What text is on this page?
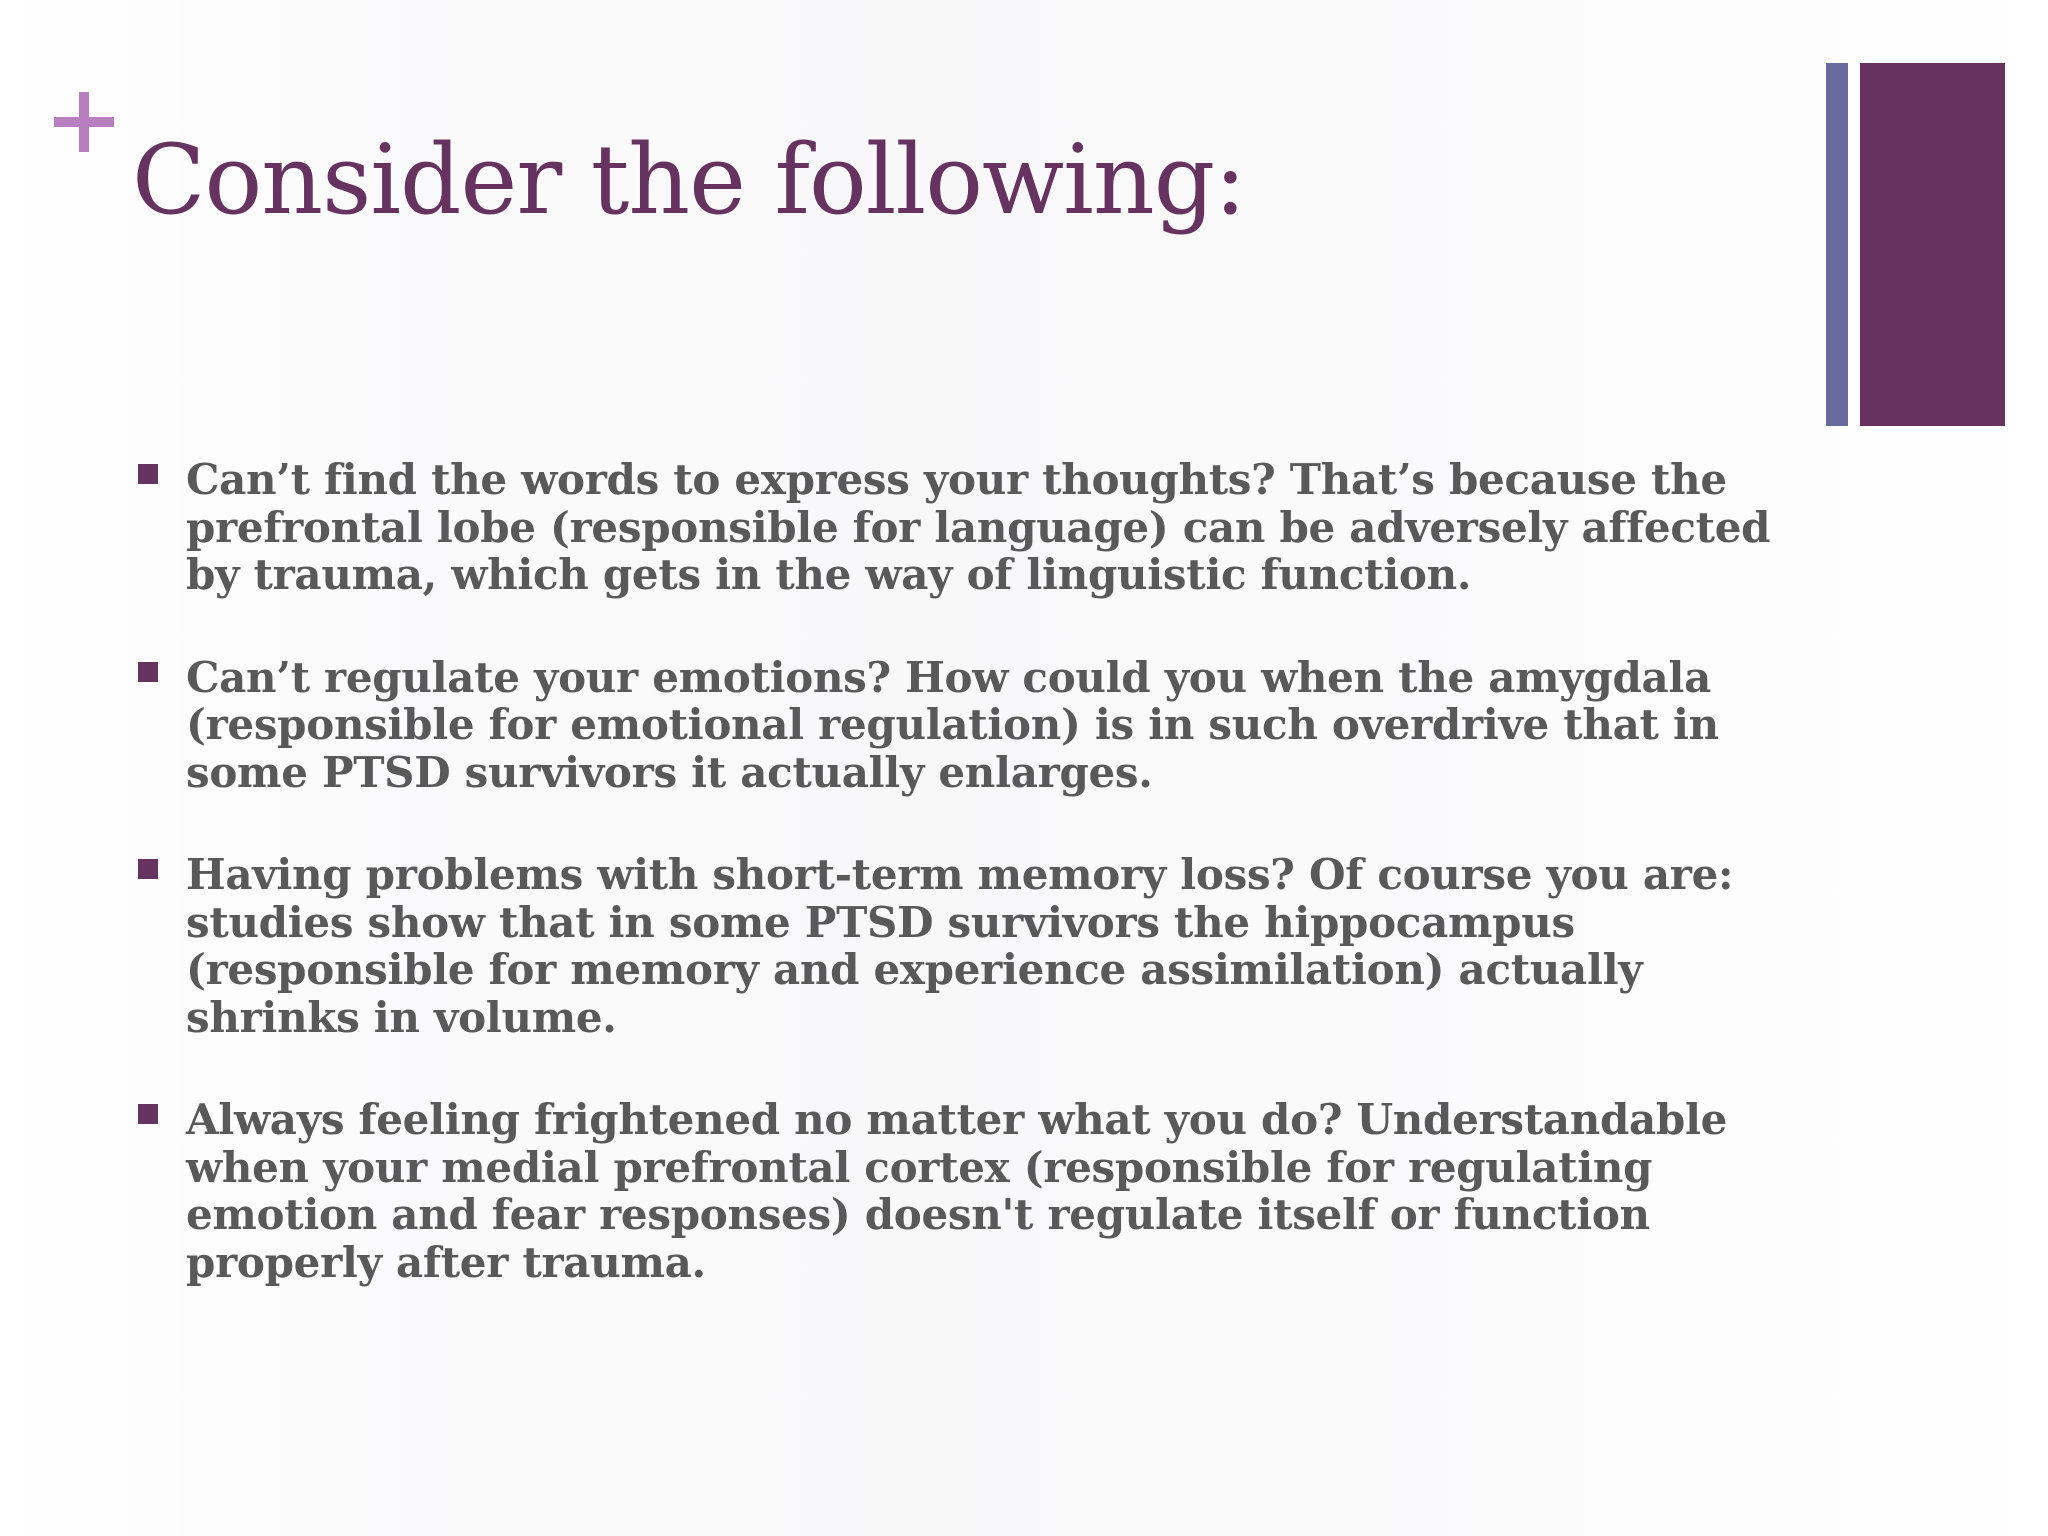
Consider the following:
Can’t find the words to express your thoughts? That’s because the prefrontal lobe (responsible for language) can be adversely affected by trauma, which gets in the way of linguistic function.
Can’t regulate your emotions? How could you when the amygdala (responsible for emotional regulation) is in such overdrive that in some PTSD survivors it actually enlarges.
Having problems with short-term memory loss? Of course you are: studies show that in some PTSD survivors the hippocampus (responsible for memory and experience assimilation) actually shrinks in volume.
Always feeling frightened no matter what you do? Understandable when your medial prefrontal cortex (responsible for regulating emotion and fear responses) doesn't regulate itself or function properly after trauma.
